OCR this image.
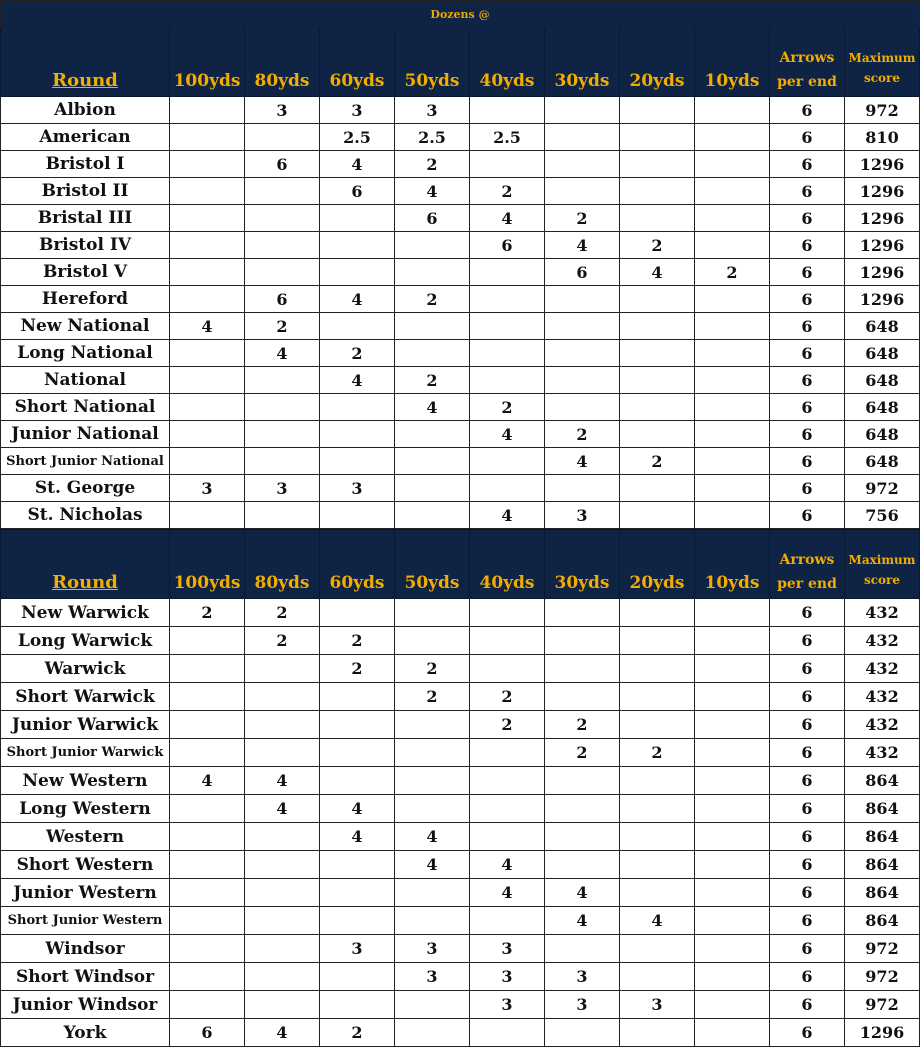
Dozens @										
Round	100yds	80yds	60yds	50yds	40yds	30yds	20yds	10yds	Arrows
per end	Maximum
score
Albion		3	3	3					6	972
American			2.5	2.5	2.5				6	810
Bristol I		6	4	2					6	1296
Bristol II			6	4	2				6	1296
Bristal III				6	4	2			6	1296
Bristol IV					6	4	2		6	1296
Bristol V						6	4	2	6	1296
Hereford		6	4	2					6	1296
New National	4	2							6	648
Long National		4	2						6	648
National			4	2					6	648
Short National				4	2				6	648
Junior National					4	2			6	648
Short Junior National						4	2		6	648
St. George	3	3	3						6	972
St. Nicholas					4	3			6	756
Round	100yds	80yds	60yds	50yds	40yds	30yds	20yds	10yds	Arrows
per end	Maximum
score
New Warwick	2	2							6	432
Long Warwick		2	2						6	432
Warwick			2	2					6	432
Short Warwick				2	2				6	432
Junior Warwick					2	2			6	432
Short Junior Warwick						2	2		6	432
New Western	4	4							6	864
Long Western		4	4						6	864
Western			4	4					6	864
Short Western				4	4				6	864
Junior Western					4	4			6	864
Short Junior Western						4	4		6	864
Windsor			3	3	3				6	972
Short Windsor				3	3	3			6	972
Junior Windsor					3	3	3		6	972
York	6	4	2						6	1296
